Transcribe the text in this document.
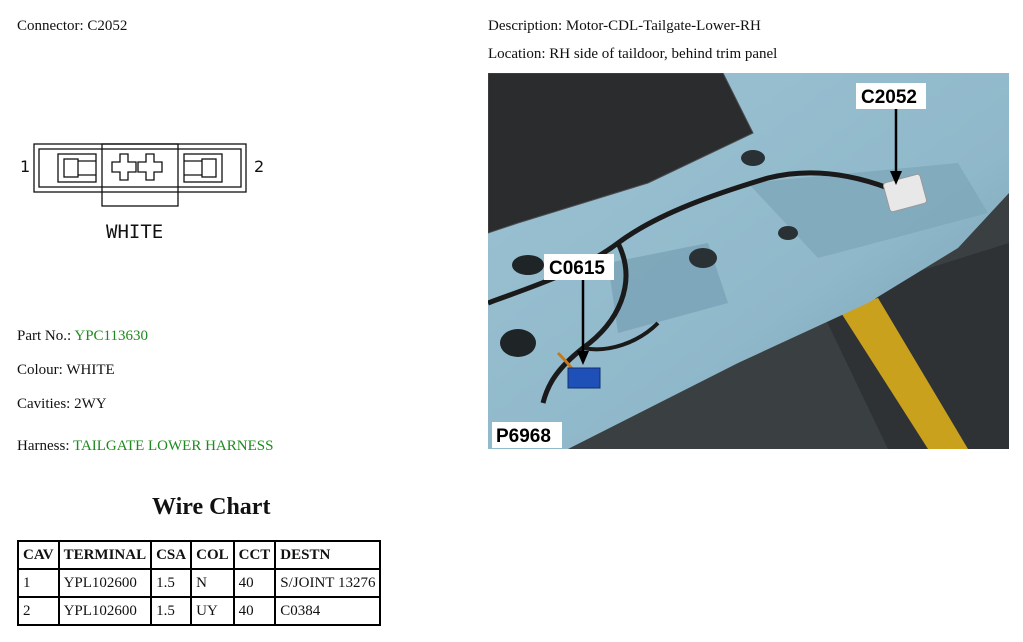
Connector: C2052
1	2
WHITE
Part No.: YPC113630
Colour: WHITE
Cavities: 2WY
Harness: TAILGATE LOWER HARNESS
Wire Chart
CAV	TERMINAL	CSA	COL	CCT	DESTN
1	YPL102600	1.5	N	40	S/JOINT 13276
2	YPL102600	1.5	UY	40	C0384
Description: Motor-CDL-Tailgate-Lower-RH
Location: RH side of taildoor, behind trim panel
C2052
C0615
P6968
